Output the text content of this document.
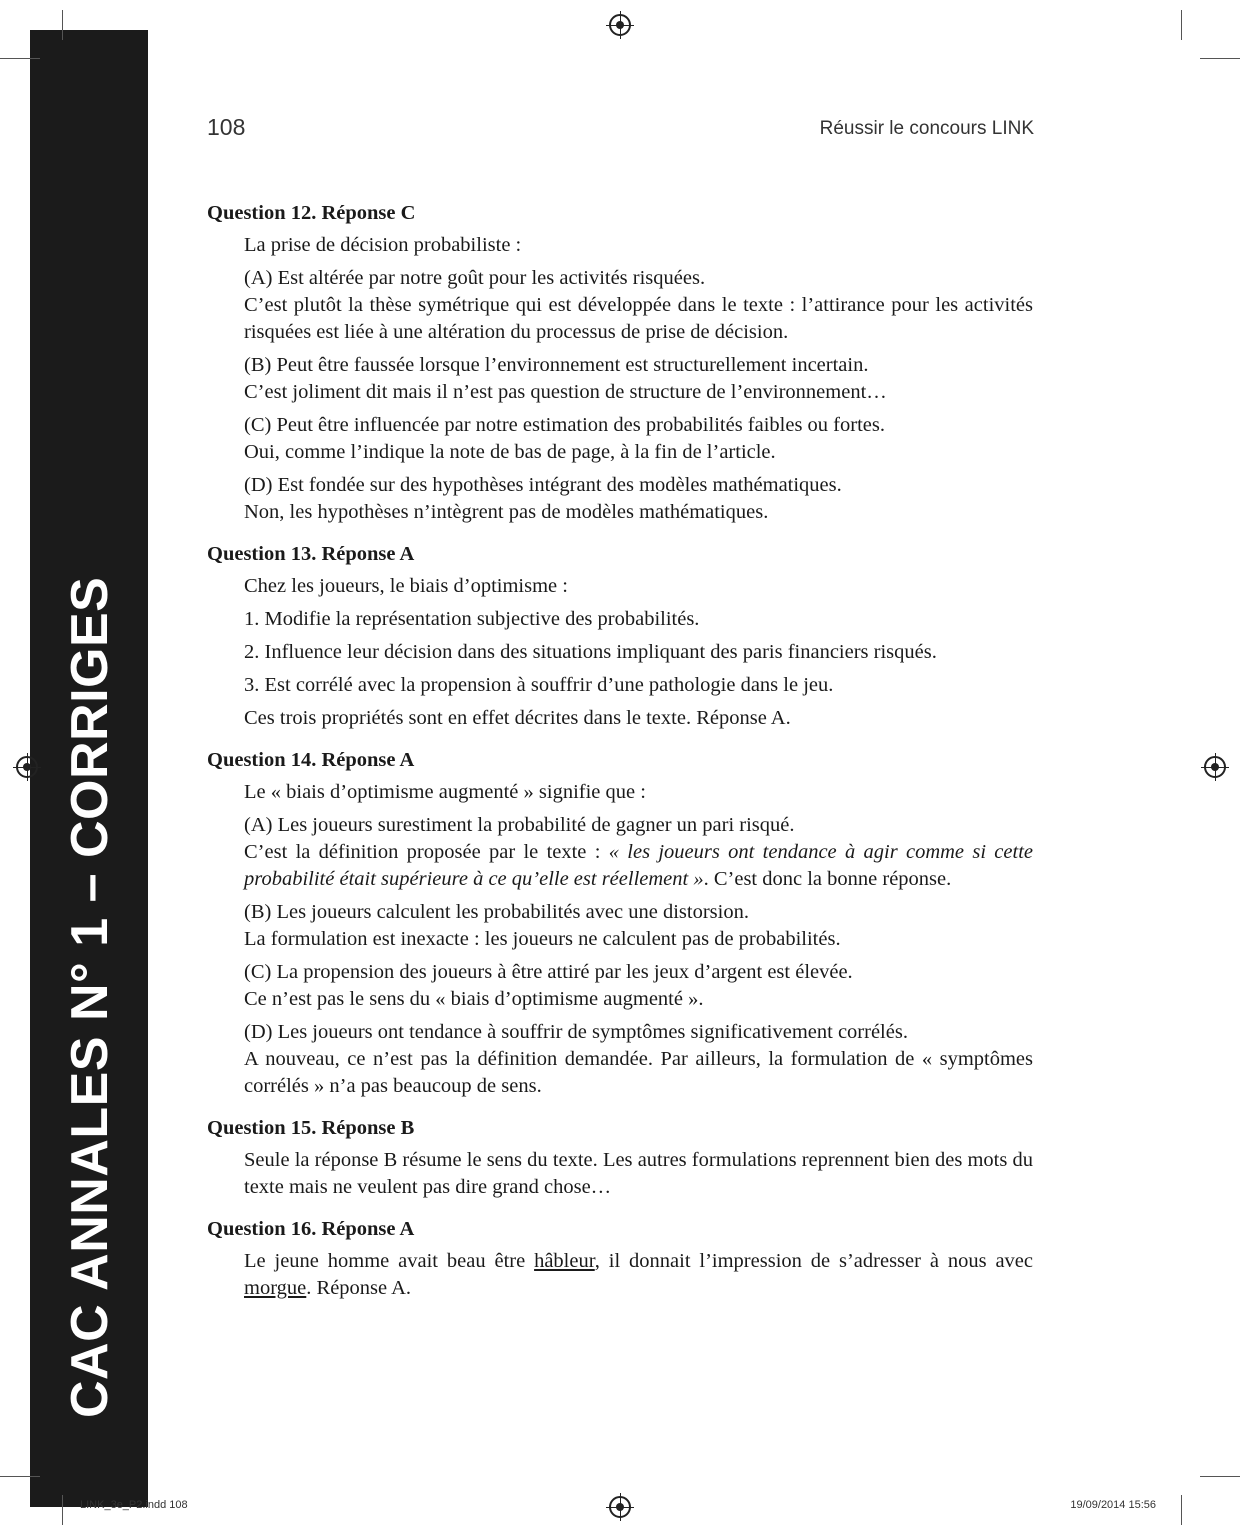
CAC ANNALES N° 1 – CORRIGES
108	Réussir le concours LINK
Question 12. Réponse C
La prise de décision probabiliste :
(A) Est altérée par notre goût pour les activités risquées.
C’est plutôt la thèse symétrique qui est développée dans le texte : l’attirance pour les activités risquées est liée à une altération du processus de prise de décision.
(B) Peut être faussée lorsque l’environnement est structurellement incertain.
C’est joliment dit mais il n’est pas question de structure de l’environnement…
(C) Peut être influencée par notre estimation des probabilités faibles ou fortes.
Oui, comme l’indique la note de bas de page, à la fin de l’article.
(D) Est fondée sur des hypothèses intégrant des modèles mathématiques.
Non, les hypothèses n’intègrent pas de modèles mathématiques.
Question 13. Réponse A
Chez les joueurs, le biais d’optimisme :
1. Modifie la représentation subjective des probabilités.
2. Influence leur décision dans des situations impliquant des paris financiers risqués.
3. Est corrélé avec la propension à souffrir d’une pathologie dans le jeu.
Ces trois propriétés sont en effet décrites dans le texte. Réponse A.
Question 14. Réponse A
Le « biais d’optimisme augmenté » signifie que :
(A) Les joueurs surestiment la probabilité de gagner un pari risqué.
C’est la définition proposée par le texte : « les joueurs ont tendance à agir comme si cette probabilité était supérieure à ce qu’elle est réellement ». C’est donc la bonne réponse.
(B) Les joueurs calculent les probabilités avec une distorsion.
La formulation est inexacte : les joueurs ne calculent pas de probabilités.
(C) La propension des joueurs à être attiré par les jeux d’argent est élevée.
Ce n’est pas le sens du « biais d’optimisme augmenté ».
(D) Les joueurs ont tendance à souffrir de symptômes significativement corrélés.
A nouveau, ce n’est pas la définition demandée. Par ailleurs, la formulation de « symptômes corrélés » n’a pas beaucoup de sens.
Question 15. Réponse B
Seule la réponse B résume le sens du texte. Les autres formulations reprennent bien des mots du texte mais ne veulent pas dire grand chose…
Question 16. Réponse A
Le jeune homme avait beau être hâbleur, il donnait l’impression de s’adresser à nous avec morgue. Réponse A.
LINK_3e_P2.indd 108	19/09/2014 15:56
